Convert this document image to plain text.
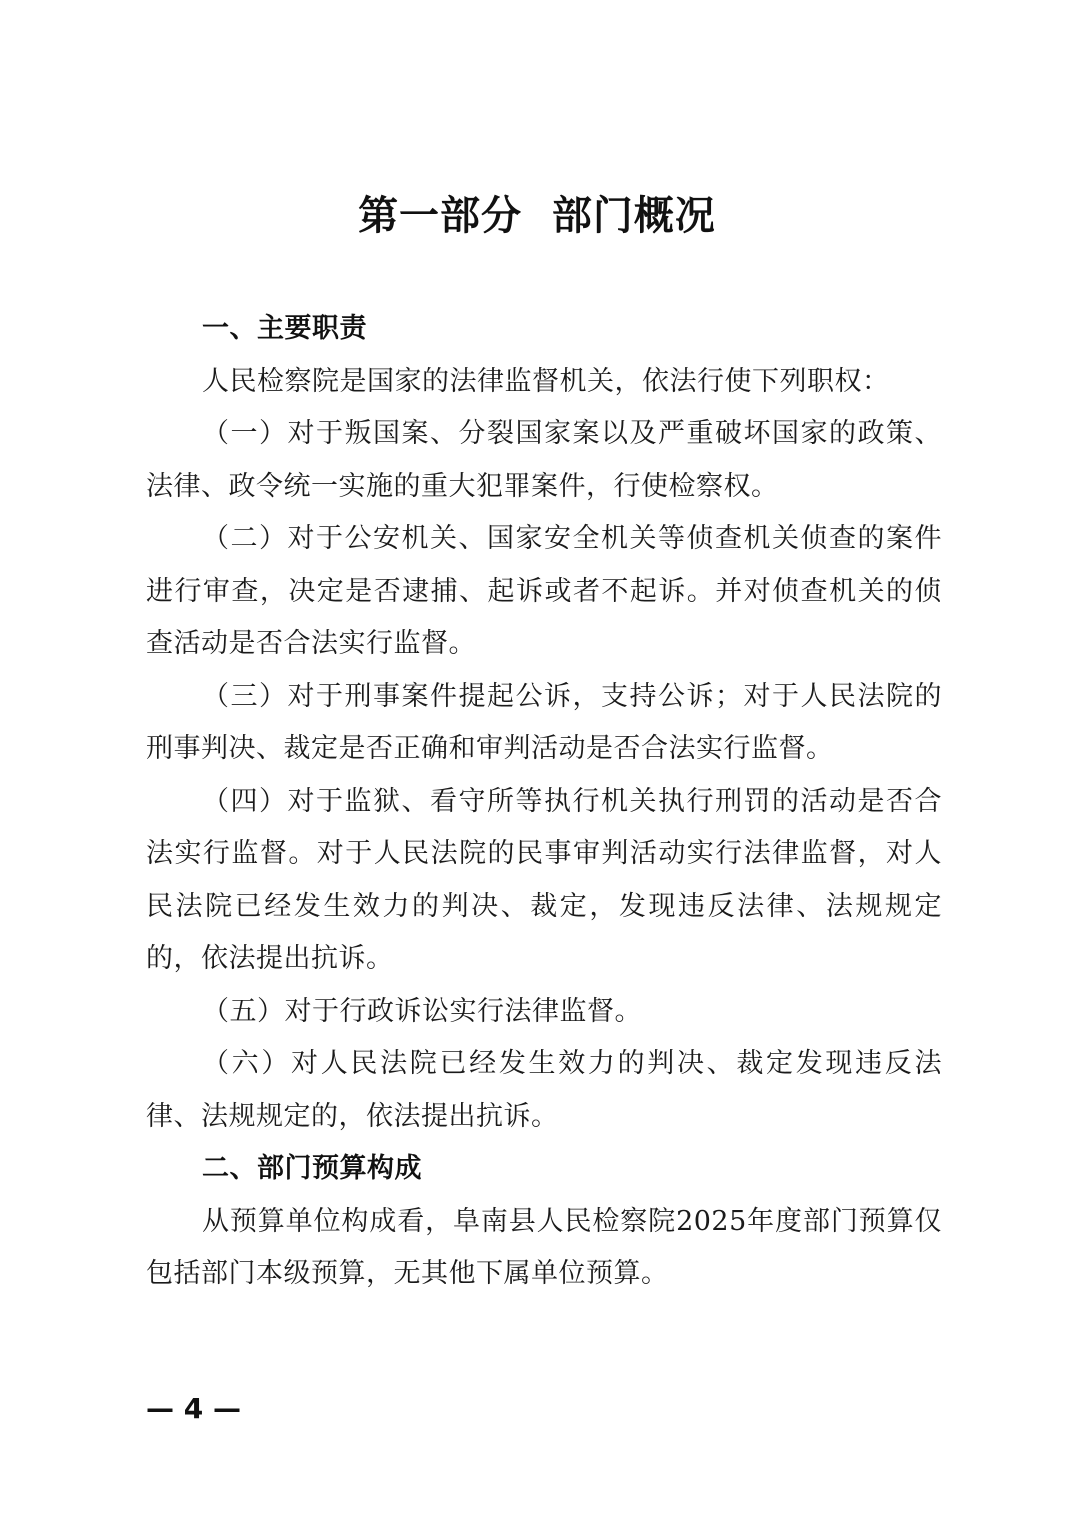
第一部分  部门概况
一、主要职责

人民检察院是国家的法律监督机关，依法行使下列职权：

（一）对于叛国案、分裂国家案以及严重破坏国家的政策、法律、政令统一实施的重大犯罪案件，行使检察权。

（二）对于公安机关、国家安全机关等侦查机关侦查的案件进行审查，决定是否逮捕、起诉或者不起诉。并对侦查机关的侦查活动是否合法实行监督。

（三）对于刑事案件提起公诉，支持公诉；对于人民法院的刑事判决、裁定是否正确和审判活动是否合法实行监督。

（四）对于监狱、看守所等执行机关执行刑罚的活动是否合法实行监督。对于人民法院的民事审判活动实行法律监督，对人民法院已经发生效力的判决、裁定，发现违反法律、法规规定的，依法提出抗诉。

（五）对于行政诉讼实行法律监督。

（六）对人民法院已经发生效力的判决、裁定发现违反法律、法规规定的，依法提出抗诉。

二、部门预算构成

从预算单位构成看，阜南县人民检察院2025年度部门预算仅包括部门本级预算，无其他下属单位预算。

— 4 —
